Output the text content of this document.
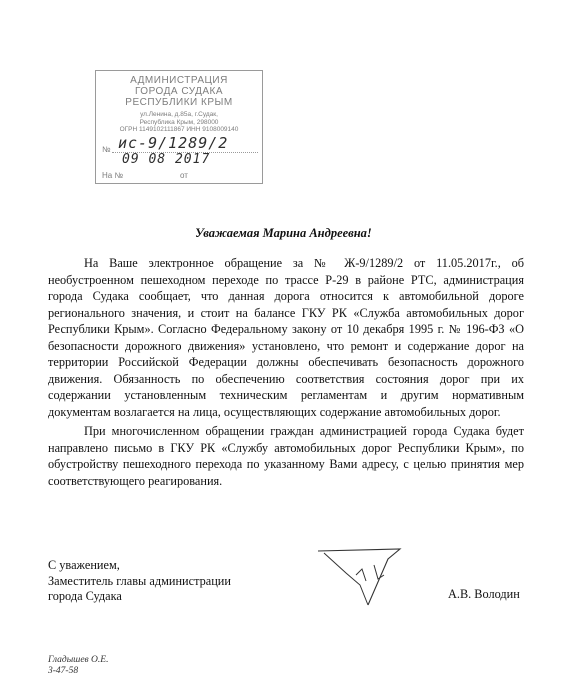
АДМИНИСТРАЦИЯ
ГОРОДА СУДАКА
РЕСПУБЛИКИ КРЫМ
ул.Ленина, д.85а, г.Судак,
Республика Крым, 298000
ОГРН 1149102111867 ИНН 9108009140
№
На №	от
ис-9/1289/2
09 08 2017
Уважаемая Марина Андреевна!

На Ваше электронное обращение за № Ж-9/1289/2 от 11.05.2017г., об необустроенном пешеходном переходе по трассе Р-29 в районе РТС, администрация города Судака сообщает, что данная дорога относится к автомобильной дороге регионального значения, и стоит на балансе ГКУ РК «Служба автомобильных дорог Республики Крым». Согласно Федеральному закону от 10 декабря 1995 г. № 196-ФЗ «О безопасности дорожного движения» установлено, что ремонт и содержание дорог на территории Российской Федерации должны обеспечивать безопасность дорожного движения. Обязанность по обеспечению соответствия состояния дорог при их содержании установленным техническим регламентам и другим нормативным документам возлагается на лица, осуществляющих содержание автомобильных дорог.

При многочисленном обращении граждан администрацией города Судака будет направлено письмо в ГКУ РК «Службу автомобильных дорог Республики Крым», по обустройству пешеходного перехода по указанному Вами адресу, с целью принятия мер соответствующего реагирования.

С уважением,
Заместитель главы администрации
города Судака	А.В. Володин
Гладышев О.Е.
3-47-58
